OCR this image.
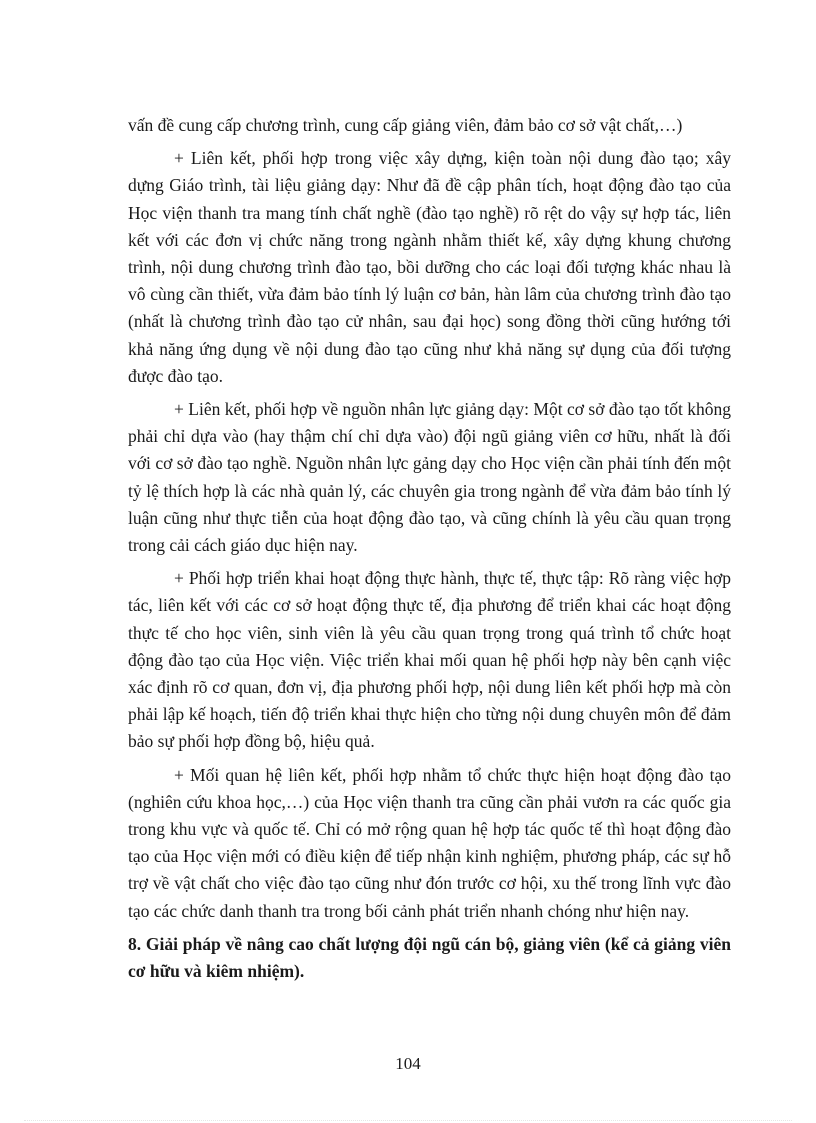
vấn đề cung cấp chương trình, cung cấp giảng viên, đảm bảo cơ sở vật chất,…)

+ Liên kết, phối hợp trong việc xây dựng, kiện toàn nội dung đào tạo; xây dựng Giáo trình, tài liệu giảng dạy: Như đã đề cập phân tích, hoạt động đào tạo của Học viện thanh tra mang tính chất nghề (đào tạo nghề) rõ rệt do vậy sự hợp tác, liên kết với các đơn vị chức năng trong ngành nhằm thiết kế, xây dựng khung chương trình, nội dung chương trình đào tạo, bồi dưỡng cho các loại đối tượng khác nhau là vô cùng cần thiết, vừa đảm bảo tính lý luận cơ bản, hàn lâm của chương trình đào tạo (nhất là chương trình đào tạo cử nhân, sau đại học) song đồng thời cũng hướng tới khả năng ứng dụng về nội dung đào tạo cũng như khả năng sự dụng của đối tượng được đào tạo.

+ Liên kết, phối hợp về nguồn nhân lực giảng dạy: Một cơ sở đào tạo tốt không phải chỉ dựa vào (hay thậm chí chỉ dựa vào) đội ngũ giảng viên cơ hữu, nhất là đối với cơ sở đào tạo nghề. Nguồn nhân lực gảng dạy cho Học viện cần phải tính đến một tỷ lệ thích hợp là các nhà quản lý, các chuyên gia trong ngành để vừa đảm bảo tính lý luận cũng như thực tiễn của hoạt động đào tạo, và cũng chính là yêu cầu quan trọng trong cải cách giáo dục hiện nay.

+ Phối hợp triển khai hoạt động thực hành, thực tế, thực tập: Rõ ràng việc hợp tác, liên kết với các cơ sở hoạt động thực tế, địa phương để triển khai các hoạt động thực tế cho học viên, sinh viên là yêu cầu quan trọng trong quá trình tổ chức hoạt động đào tạo của Học viện. Việc triển khai mối quan hệ phối hợp này bên cạnh việc xác định rõ cơ quan, đơn vị, địa phương phối hợp, nội dung liên kết phối hợp mà còn phải lập kế hoạch, tiến độ triển khai thực hiện cho từng nội dung chuyên môn để đảm bảo sự phối hợp đồng bộ, hiệu quả.

+ Mối quan hệ liên kết, phối hợp nhằm tổ chức thực hiện hoạt động đào tạo (nghiên cứu khoa học,…) của Học viện thanh tra cũng cần phải vươn ra các quốc gia trong khu vực và quốc tế. Chỉ có mở rộng quan hệ hợp tác quốc tế thì hoạt động đào tạo của Học viện mới có điều kiện để tiếp nhận kinh nghiệm, phương pháp, các sự hỗ trợ về vật chất cho việc đào tạo cũng như đón trước cơ hội, xu thế trong lĩnh vực đào tạo các chức danh thanh tra trong bối cảnh phát triển nhanh chóng như hiện nay.

8. Giải pháp về nâng cao chất lượng đội ngũ cán bộ, giảng viên (kể cả giảng viên cơ hữu và kiêm nhiệm).

104
